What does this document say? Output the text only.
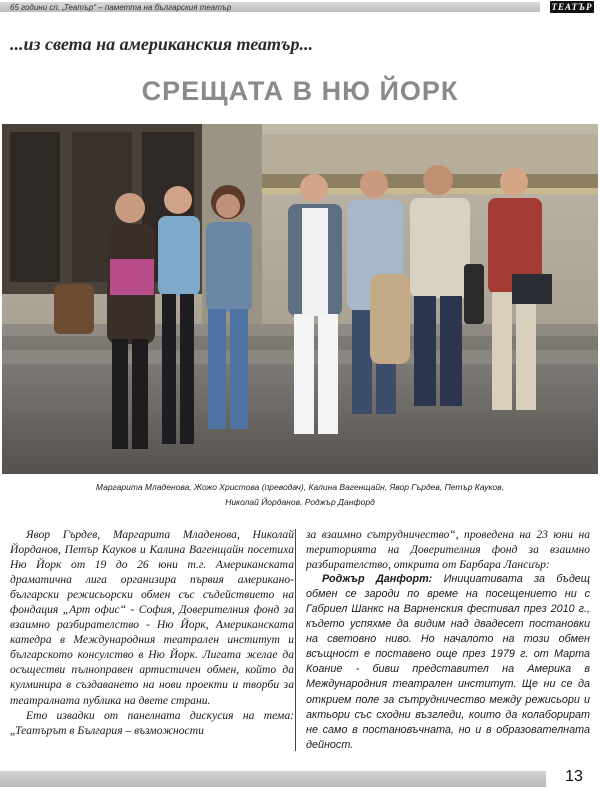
65 години сп. „Театър“ – паметта на българския театър	ТЕАТЪР
...из света на американския театър...
СРЕЩАТА В НЮ ЙОРК
Маргарита Младенова, Жожо Христова (преводач), Калина Вагенщайн, Явор Гърдев, Петър Кауков,
Николай Йорданов, Роджър Данфорд

Явор Гърдев, Маргарита Младенова, Николай Йорданов, Петър Кауков и Калина Вагенщайн посетиха Ню Йорк от 19 до 26 юни т.г. Американската драматична лига организира първия американо-български режисьорски обмен със съдействието на фондация „Арт офис“ - София, Доверителния фонд за взаимно разбирателство - Ню Йорк, Американската катедра в Международния театрален институт и българското консулство в Ню Йорк. Лигата желае да осъществи пълноправен артистичен обмен, който да кулминира в създаването на нови проекти и творби за театралната публика на двете страни.

Ето извадки от панелната дискусия на тема: „Театърът в България – възможности

за взаимно сътрудничество“, проведена на 23 юни на територията на Доверителния фонд за взаимно разбирателство, открита от Барбара Лансиър:

Роджър Данфорт: Инициативата за бъдещ обмен се зароди по време на посещението ни с Габриел Шанкс на Варненския фестивал през 2010 г., където успяхме да видим над двадесет постановки на световно ниво. Но началото на този обмен всъщност е поставено още през 1979 г. от Марта Коание - бивш представител на Америка в Международния театрален институт. Ще ни се да открием поле за сътрудничество между режисьори и актьори със сходни възгледи, които да колаборират не само в постановъчната, но и в образователната дейност.

13
